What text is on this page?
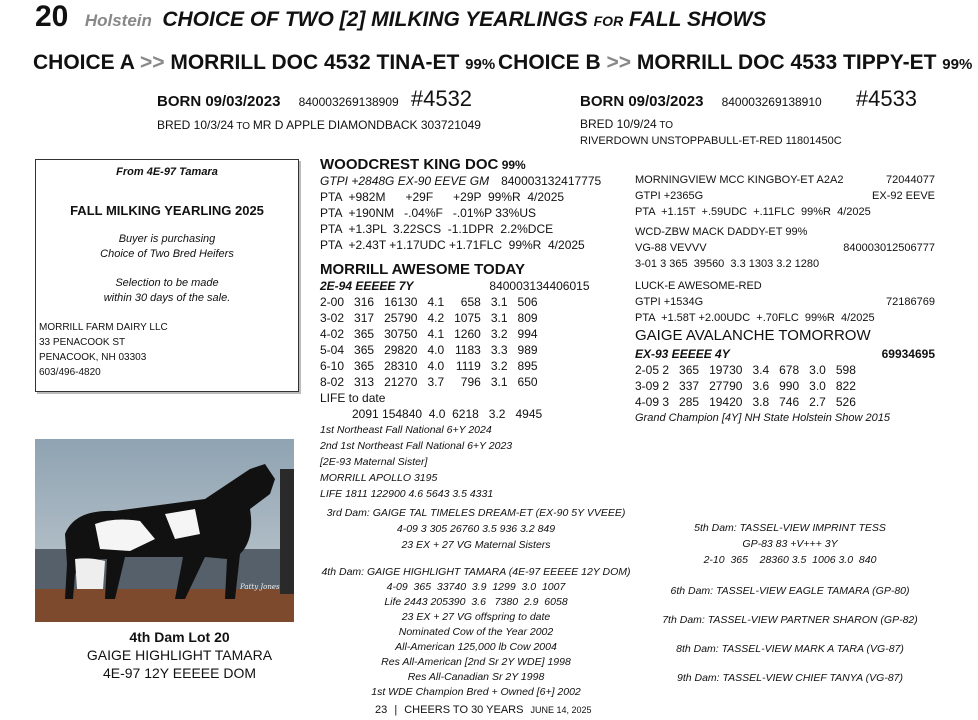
20 Holstein CHOICE OF TWO [2] MILKING YEARLINGS FOR FALL SHOWS
CHOICE A >> MORRILL DOC 4532 TINA-ET 99%
BORN 09/03/2023 840003269138909 #4532
BRED 10/3/24 TO MR D APPLE DIAMONDBACK 303721049
CHOICE B >> MORRILL DOC 4533 TIPPY-ET 99%
BORN 09/03/2023 840003269138910 #4533
BRED 10/9/24 TO
RIVERDOWN UNSTOPPABULL-ET-RED 11801450C
From 4E-97 Tamara
FALL MILKING YEARLING 2025
Buyer is purchasing
Choice of Two Bred Heifers
Selection to be made
within 30 days of the sale.
MORRILL FARM DAIRY LLC
33 PENACOOK ST
PENACOOK, NH 03303
603/496-4820
WOODCREST KING DOC 99%
GTPI +2848G EX-90 EEVE GM 840003132417775
PTA  +982M      +29F      +29P  99%R  4/2025
PTA  +190NM   -.04%F   -.01%P 33%US
PTA  +1.3PL  3.22SCS  -1.1DPR  2.2%DCE
PTA  +2.43T +1.17UDC +1.71FLC  99%R  4/2025
MORRILL AWESOME TODAY
2E-94 EEEEE 7Y	840003134406015
2-00	316	16130	4.1	658	3.1	506
3-02	317	25790	4.2	1075	3.1	809
4-02	365	30750	4.1	1260	3.2	994
5-04	365	29820	4.0	1183	3.3	989
6-10	365	28310	4.0	1119	3.2	895
8-02	313	21270	3.7	796	3.1	650
LIFE to date
2091 154840  4.0  6218   3.2   4945
1st Northeast Fall National 6+Y 2024
2nd 1st Northeast Fall National 6+Y 2023
[2E-93 Maternal Sister]
MORRILL APOLLO 3195
LIFE 1811 122900 4.6 5643 3.5 4331
MORNINGVIEW MCC KINGBOY-ET A2A2	72044077
GTPI +2365G	EX-92 EEVE
PTA  +1.15T  +.59UDC  +.11FLC  99%R  4/2025
WCD-ZBW MACK DADDY-ET 99%
VG-88 VEVVV	840003012506777
3-01 3 365  39560  3.3 1303 3.2 1280
LUCK-E AWESOME-RED
GTPI +1534G	72186769
PTA  +1.58T +2.00UDC  +.70FLC  99%R  4/2025
GAIGE AVALANCHE TOMORROW
EX-93 EEEEE 4Y	69934695
2-05 2	365	19730	3.4	678	3.0	598
3-09 2	337	27790	3.6	990	3.0	822
4-09 3	285	19420	3.8	746	2.7	526
Grand Champion [4Y] NH State Holstein Show 2015
Patty Jones
4th Dam Lot 20
GAIGE HIGHLIGHT TAMARA
4E-97 12Y EEEEE DOM
3rd Dam: GAIGE TAL TIMELES DREAM-ET (EX-90 5Y VVEEE)
4-09 3 305 26760 3.5 936 3.2 849
23 EX + 27 VG Maternal Sisters
4th Dam: GAIGE HIGHLIGHT TAMARA (4E-97 EEEEE 12Y DOM)
4-09  365  33740  3.9  1299  3.0  1007
Life 2443 205390  3.6   7380  2.9  6058
23 EX + 27 VG offspring to date
Nominated Cow of the Year 2002
All-American 125,000 lb Cow 2004
Res All-American [2nd Sr 2Y WDE] 1998
Res All-Canadian Sr 2Y 1998
1st WDE Champion Bred + Owned [6+] 2002
5th Dam: TASSEL-VIEW IMPRINT TESS
GP-83 83 +V+++ 3Y
2-10  365    28360 3.5  1006 3.0  840
6th Dam: TASSEL-VIEW EAGLE TAMARA (GP-80)
7th Dam: TASSEL-VIEW PARTNER SHARON (GP-82)
8th Dam: TASSEL-VIEW MARK A TARA (VG-87)
9th Dam: TASSEL-VIEW CHIEF TANYA (VG-87)
23 | CHEERS TO 30 YEARS JUNE 14, 2025
